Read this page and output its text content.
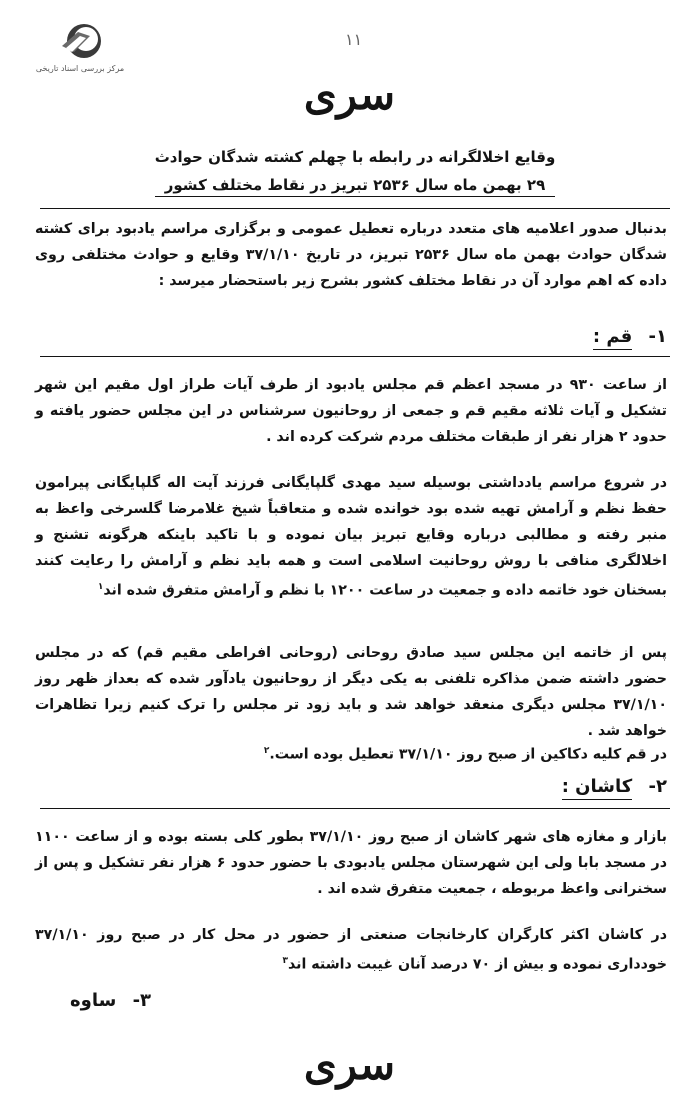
مرکز بررسی اسناد تاریخی
۱۱
سری
وقایع اخلالگرانه در رابطه با چهلم کشته شدگان حوادث
۲۹ بهمن ماه سال ۲۵۳۶ تبریز در نقاط مختلف کشور
بدنبال صدور اعلامیه های متعدد درباره تعطیل عمومی و برگزاری مراسم یادبود برای کشته شدگان حوادث بهمن ماه سال ۲۵۳۶ تبریز، در تاریخ ۳۷/۱/۱۰ وقایع و حوادث مختلفی روی داده که اهم موارد آن در نقاط مختلف کشور بشرح زیر باستحضار میرسد :
۱- قم :
از ساعت ۹۳۰ در مسجد اعظم قم مجلس یادبود از طرف آیات طراز اول مقیم این شهر تشکیل و آیات ثلاثه مقیم قم و جمعی از روحانیون سرشناس در این مجلس حضور یافته و حدود ۲ هزار نفر از طبقات مختلف مردم شرکت کرده اند .
در شروع مراسم یادداشتی بوسیله سید مهدی گلپایگانی فرزند آیت اله گلپایگانی پیرامون حفظ نظم و آرامش تهیه شده بود خوانده شده و متعاقباً شیخ غلامرضا گلسرخی واعظ به منبر رفته و مطالبی درباره وقایع تبریز بیان نموده و با تاکید باینکه هرگونه تشنج و اخلالگری منافی با روش روحانیت اسلامی است و همه باید نظم و آرامش را رعایت کنند بسخنان خود خاتمه داده و جمعیت در ساعت ۱۲۰۰ با نظم و آرامش متفرق شده اند$^۱$
پس از خاتمه این مجلس سید صادق روحانی (روحانی افراطی مقیم قم) که در مجلس حضور داشته ضمن مذاکره تلفنی به یکی دیگر از روحانیون یادآور شده که بعداز ظهر روز ۳۷/۱/۱۰ مجلس دیگری منعقد خواهد شد و باید زود تر مجلس را ترک کنیم زیرا تظاهرات خواهد شد .
در قم کلیه دکاکین از صبح روز ۳۷/۱/۱۰ تعطیل بوده است.$^۲$
۲- کاشان :
بازار و مغازه های شهر کاشان از صبح روز ۳۷/۱/۱۰ بطور کلی بسته بوده و از ساعت ۱۱۰۰ در مسجد بابا ولی این شهرستان مجلس یادبودی با حضور حدود ۶ هزار نفر تشکیل و پس از سخنرانی واعظ مربوطه ، جمعیت متفرق شده اند .
در کاشان اکثر کارگران کارخانجات صنعتی از حضور در محل کار در صبح روز ۳۷/۱/۱۰ خودداری نموده و بیش از ۷۰ درصد آنان غیبت داشته اند$^۳$
۳- ساوه
سری
